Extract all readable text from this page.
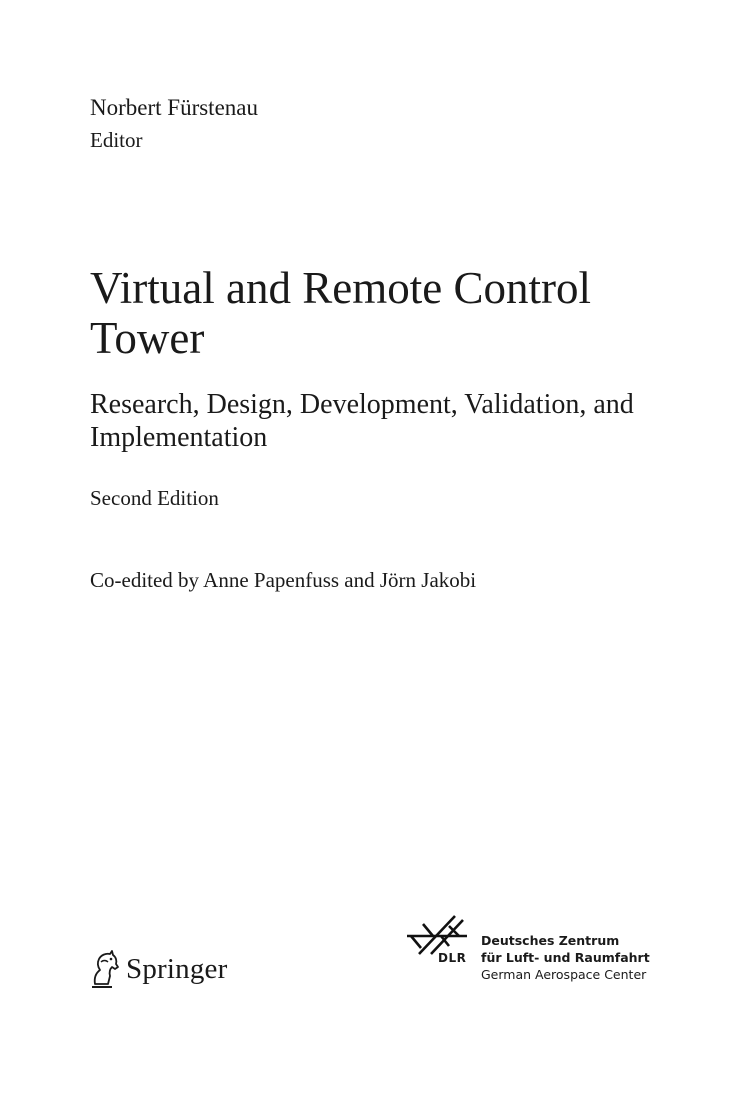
Norbert Fürstenau
Editor
Virtual and Remote Control Tower
Research, Design, Development, Validation, and Implementation
Second Edition
Co-edited by Anne Papenfuss and Jörn Jakobi
Springer	DLR
Deutsches Zentrum
für Luft- und Raumfahrt
German Aerospace Center
